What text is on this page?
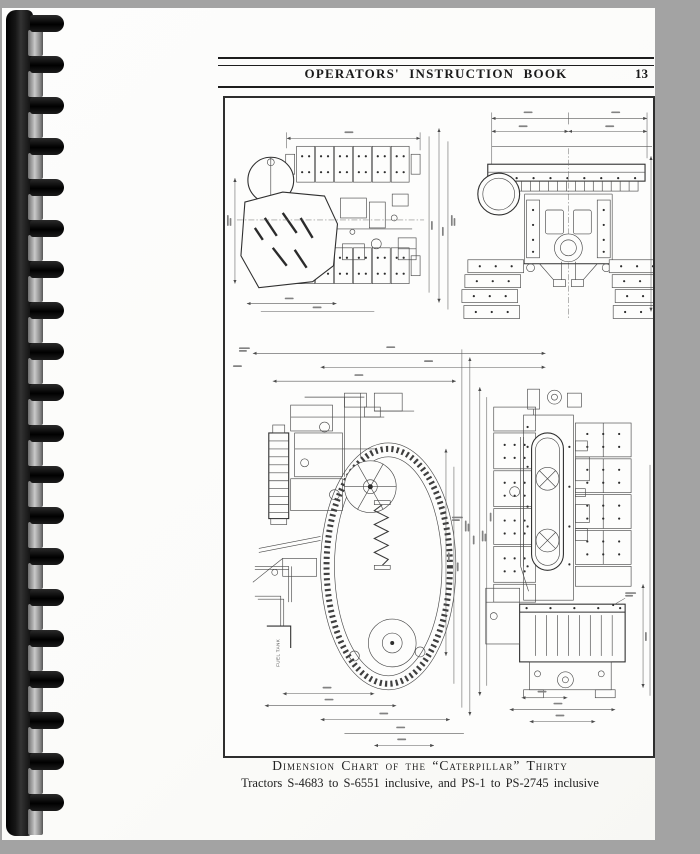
OPERATORS' INSTRUCTION BOOK	13
FUEL TANK
Dimension Chart of the “Caterpillar” Thirty
Tractors S-4683 to S-6551 inclusive, and PS-1 to PS-2745 inclusive
